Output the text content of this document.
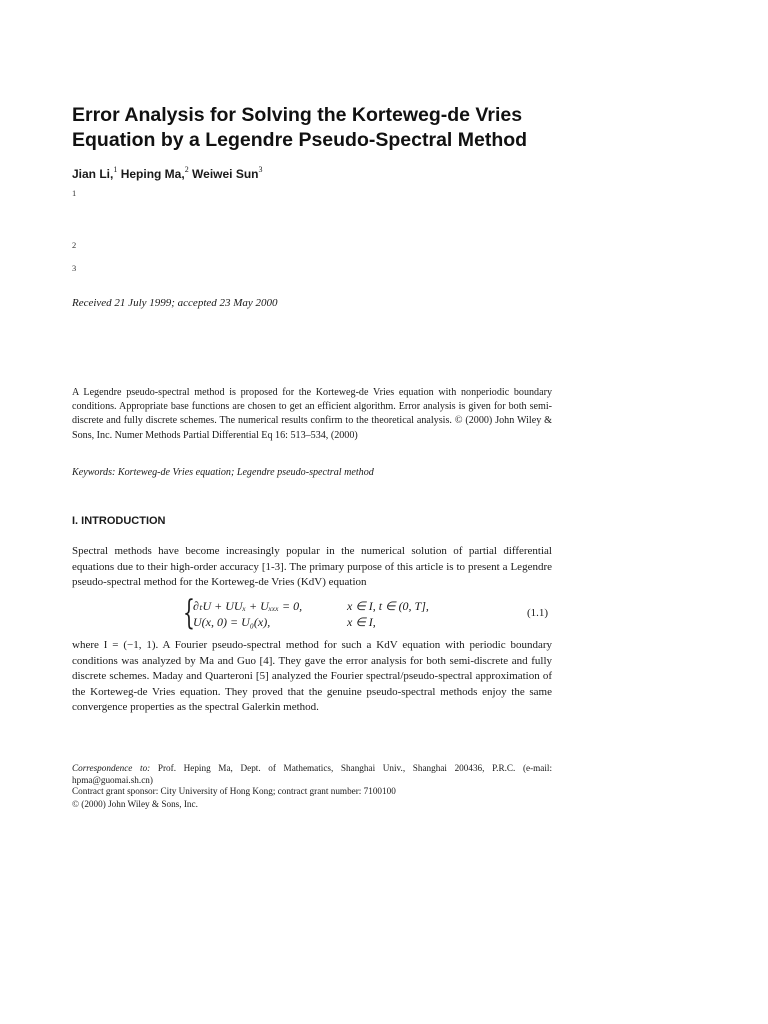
Error Analysis for Solving the Korteweg-de Vries
Equation by a Legendre Pseudo-Spectral Method
Jian Li,$^1$ Heping Ma,$^2$ Weiwei Sun$^3$
1
2
3
Received 21 July 1999; accepted 23 May 2000
A Legendre pseudo-spectral method is proposed for the Korteweg-de Vries equation with nonperiodic boundary conditions. Appropriate base functions are chosen to get an efficient algorithm. Error analysis is given for both semi-discrete and fully discrete schemes. The numerical results confirm to the theoretical analysis. © (2000) John Wiley & Sons, Inc. Numer Methods Partial Differential Eq 16: 513–534, (2000)
Keywords: Korteweg-de Vries equation; Legendre pseudo-spectral method
I. INTRODUCTION
Spectral methods have become increasingly popular in the numerical solution of partial differential equations due to their high-order accuracy [1-3]. The primary purpose of this article is to present a Legendre pseudo-spectral method for the Korteweg-de Vries (KdV) equation
{
∂ₜU + UUₓ + Uₓₓₓ = 0,	x ∈ I, t ∈ (0, T],
U(x, 0) = U₀(x),	x ∈ I,
(1.1)
where I = (−1, 1). A Fourier pseudo-spectral method for such a KdV equation with periodic boundary conditions was analyzed by Ma and Guo [4]. They gave the error analysis for both semi-discrete and fully discrete schemes. Maday and Quarteroni [5] analyzed the Fourier spectral/pseudo-spectral approximation of the Korteweg-de Vries equation. They proved that the genuine pseudo-spectral methods enjoy the same convergence properties as the spectral Galerkin method.
Correspondence to: Prof. Heping Ma, Dept. of Mathematics, Shanghai Univ., Shanghai 200436, P.R.C. (e-mail: hpma@guomai.sh.cn)
Contract grant sponsor: City University of Hong Kong; contract grant number: 7100100
© (2000) John Wiley & Sons, Inc.
